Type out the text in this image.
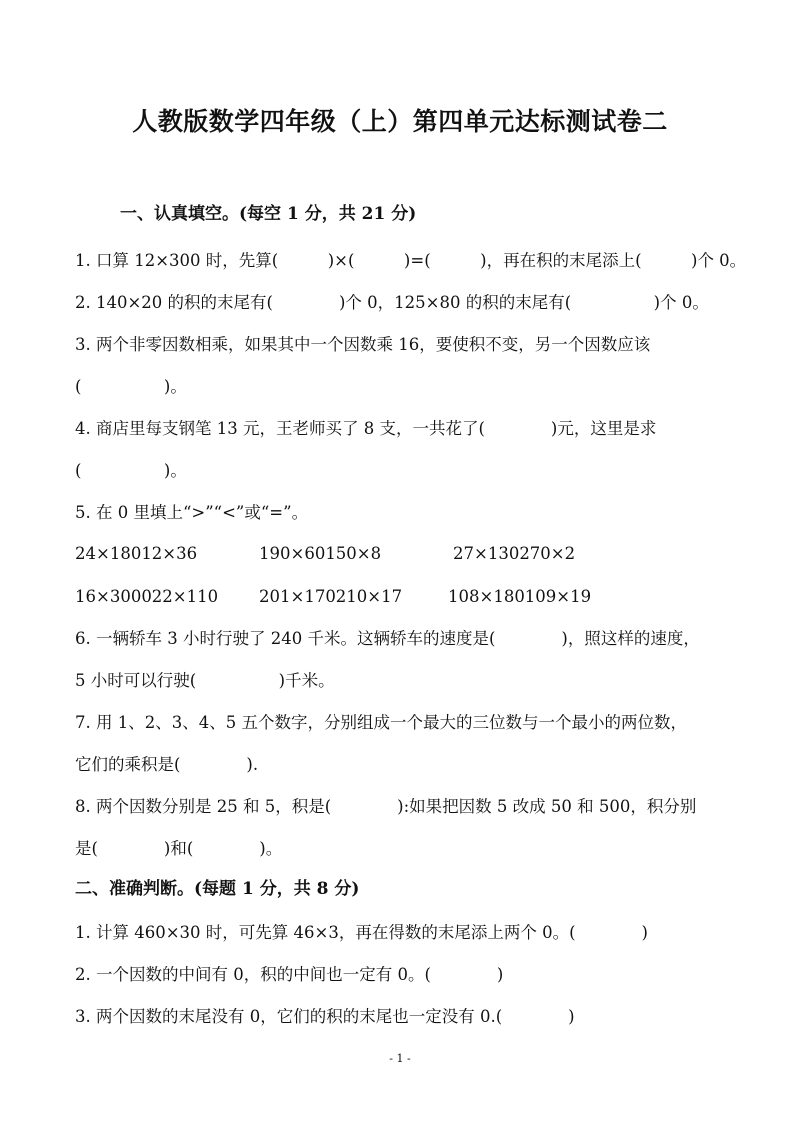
人教版数学四年级（上）第四单元达标测试卷二
一、认真填空。(每空 1 分，共 21 分)
1. 口算 12×300 时，先算(　　　)×(　　　)=(　　　)，再在积的末尾添上(　　　)个 0。
2. 140×20 的积的末尾有(　　　　)个 0，125×80 的积的末尾有(　　　　　)个 0。
3. 两个非零因数相乘，如果其中一个因数乘 16，要使积不变，另一个因数应该
(　　　　　)。
4. 商店里每支钢笔 13 元，王老师买了 8 支，一共花了(　　　　)元，这里是求
(　　　　　)。
5. 在 0 里填上“>”“<”或“=”。
24×18012×36	190×60150×8	27×130270×2
16×300022×110 201×170210×17	108×180109×19
6. 一辆轿车 3 小时行驶了 240 千米。这辆轿车的速度是(　　　　)，照这样的速度，
5 小时可以行驶(　　　　　)千米。
7. 用 1、2、3、4、5 五个数字，分别组成一个最大的三位数与一个最小的两位数，
它们的乘积是(　　　　).
8. 两个因数分别是 25 和 5，积是(　　　　):如果把因数 5 改成 50 和 500，积分别
是(　　　　)和(　　　　)。
二、准确判断。(每题 1 分，共 8 分)
1. 计算 460×30 时，可先算 46×3，再在得数的末尾添上两个 0。(　　　　)
2. 一个因数的中间有 0，积的中间也一定有 0。(　　　　)
3. 两个因数的末尾没有 0，它们的积的末尾也一定没有 0.(　　　　)
- 1 -
